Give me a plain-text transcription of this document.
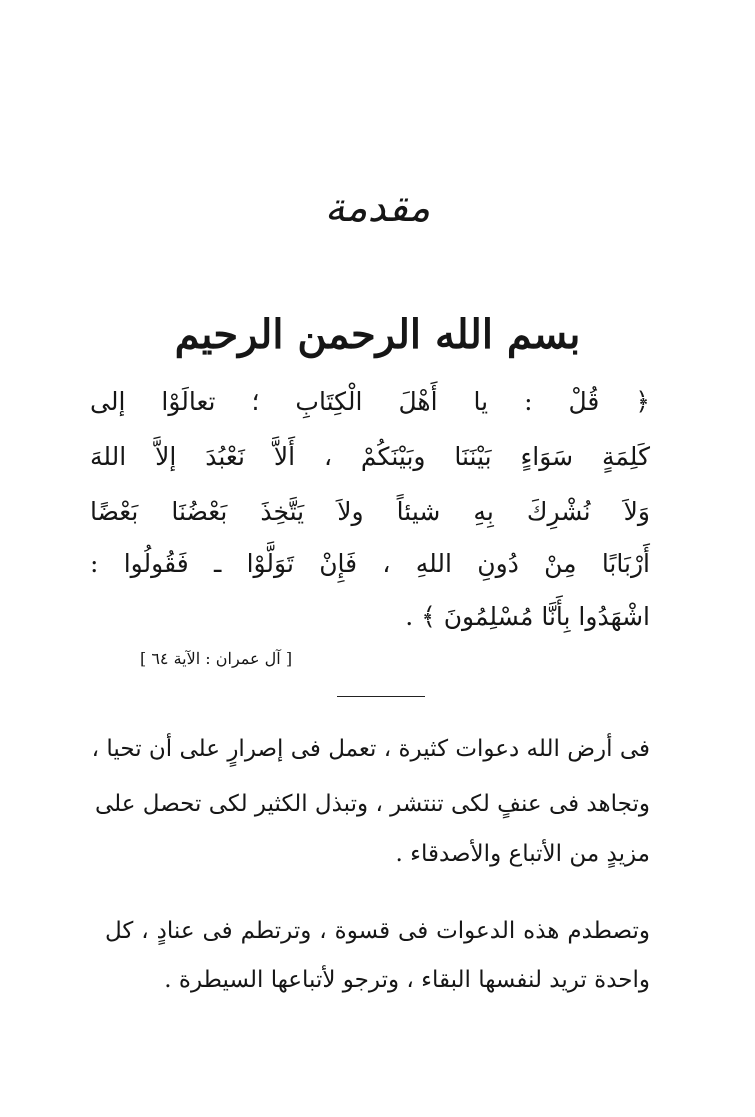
مقدمة
بسم الله الرحمن الرحيم
﴿ قُلْ : يا أَهْلَ الْكِتَابِ ؛ تعالَوْا إلى
كَلِمَةٍ سَوَاءٍ بَيْنَنَا وبَيْنَكُمْ ، أَلاَّ نَعْبُدَ إلاَّ اللهَ
وَلاَ نُشْرِكَ بِهِ شيئاً ولاَ يَتَّخِذَ بَعْضُنَا بَعْضًا
أَرْبَابًا مِنْ دُونِ اللهِ ، فَإِنْ تَوَلَّوْا ـ فَقُولُوا :
اشْهَدُوا بِأَنَّا مُسْلِمُونَ ﴾ .
[ آل عمران : الآية ٦٤ ]
فى أرض الله دعوات كثيرة ، تعمل فى إصرارٍ على أن تحيا ،
وتجاهد فى عنفٍ لكى تنتشر ، وتبذل الكثير لكى تحصل على
مزيدٍ من الأتباع والأصدقاء .
وتصطدم هذه الدعوات فى قسوة ، وترتطم فى عنادٍ ، كل
واحدة تريد لنفسها البقاء ، وترجو لأتباعها السيطرة .
